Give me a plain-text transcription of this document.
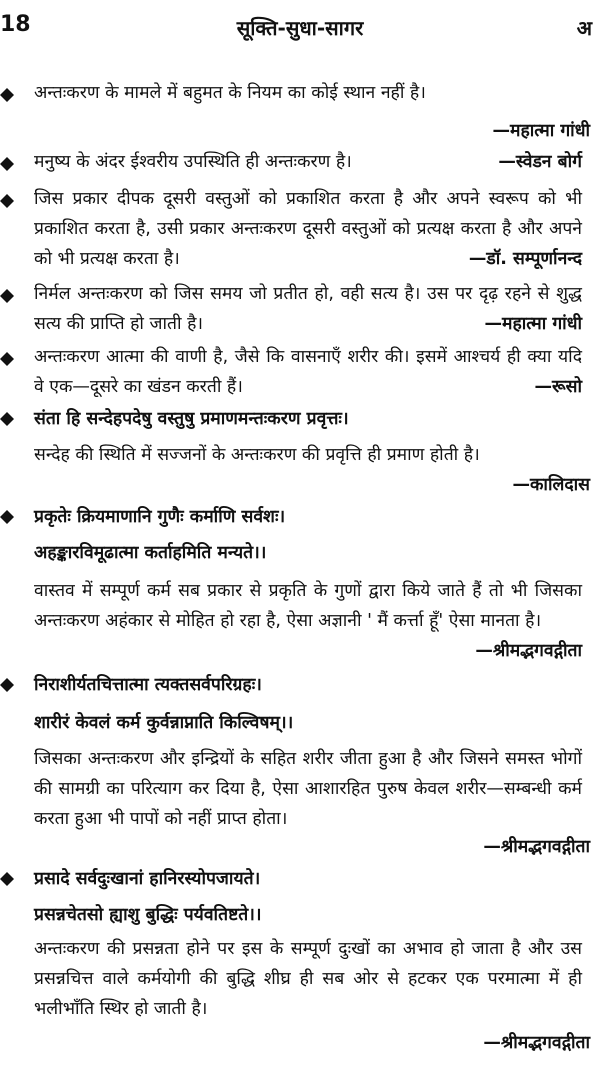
18	सूक्ति-सुधा-सागर	अ
अन्तःकरण के मामले में बहुमत के नियम का कोई स्थान नहीं है।
—महात्मा गांधी
मनुष्य के अंदर ईश्वरीय उपस्थिति ही अन्तःकरण है।	—स्वेडन बोर्ग
जिस प्रकार दीपक दूसरी वस्तुओं को प्रकाशित करता है और अपने स्वरूप को भी प्रकाशित करता है, उसी प्रकार अन्तःकरण दूसरी वस्तुओं को प्रत्यक्ष करता है और अपने को भी प्रत्यक्ष करता है।	—डॉ. सम्पूर्णानन्द
निर्मल अन्तःकरण को जिस समय जो प्रतीत हो, वही सत्य है। उस पर दृढ़ रहने से शुद्ध सत्य की प्राप्ति हो जाती है।	—महात्मा गांधी
अन्तःकरण आत्मा की वाणी है, जैसे कि वासनाएँ शरीर की। इसमें आश्चर्य ही क्या यदि वे एक—दूसरे का खंडन करती हैं।	—रूसो
संता हि सन्देहपदेषु वस्तुषु प्रमाणमन्तःकरण प्रवृत्तः।
सन्देह की स्थिति में सज्जनों के अन्तःकरण की प्रवृत्ति ही प्रमाण होती है।
—कालिदास
प्रकृतेः क्रियमाणानि गुणैः कर्माणि सर्वशः।
अहङ्कारविमूढात्मा कर्ताहमिति मन्यते।।
वास्तव में सम्पूर्ण कर्म सब प्रकार से प्रकृति के गुणों द्वारा किये जाते हैं तो भी जिसका अन्तःकरण अहंकार से मोहित हो रहा है, ऐसा अज्ञानी ' मैं कर्त्ता हूँ' ऐसा मानता है।
—श्रीमद्भगवद्गीता
निराशीर्यतचित्तात्मा त्यक्तसर्वपरिग्रहः।
शारीरं केवलं कर्म कुर्वन्नाप्नाति किल्विषम्।।
जिसका अन्तःकरण और इन्द्रियों के सहित शरीर जीता हुआ है और जिसने समस्त भोगों की सामग्री का परित्याग कर दिया है, ऐसा आशारहित पुरुष केवल शरीर—सम्बन्धी कर्म करता हुआ भी पापों को नहीं प्राप्त होता।
—श्रीमद्भगवद्गीता
प्रसादे सर्वदुःखानां हानिरस्योपजायते।
प्रसन्नचेतसो ह्याशु बुद्धिः पर्यवतिष्टते।।
अन्तःकरण की प्रसन्नता होने पर इस के सम्पूर्ण दुःखों का अभाव हो जाता है और उस प्रसन्नचित्त वाले कर्मयोगी की बुद्धि शीघ्र ही सब ओर से हटकर एक परमात्मा में ही भलीभाँति स्थिर हो जाती है।
—श्रीमद्भगवद्गीता
